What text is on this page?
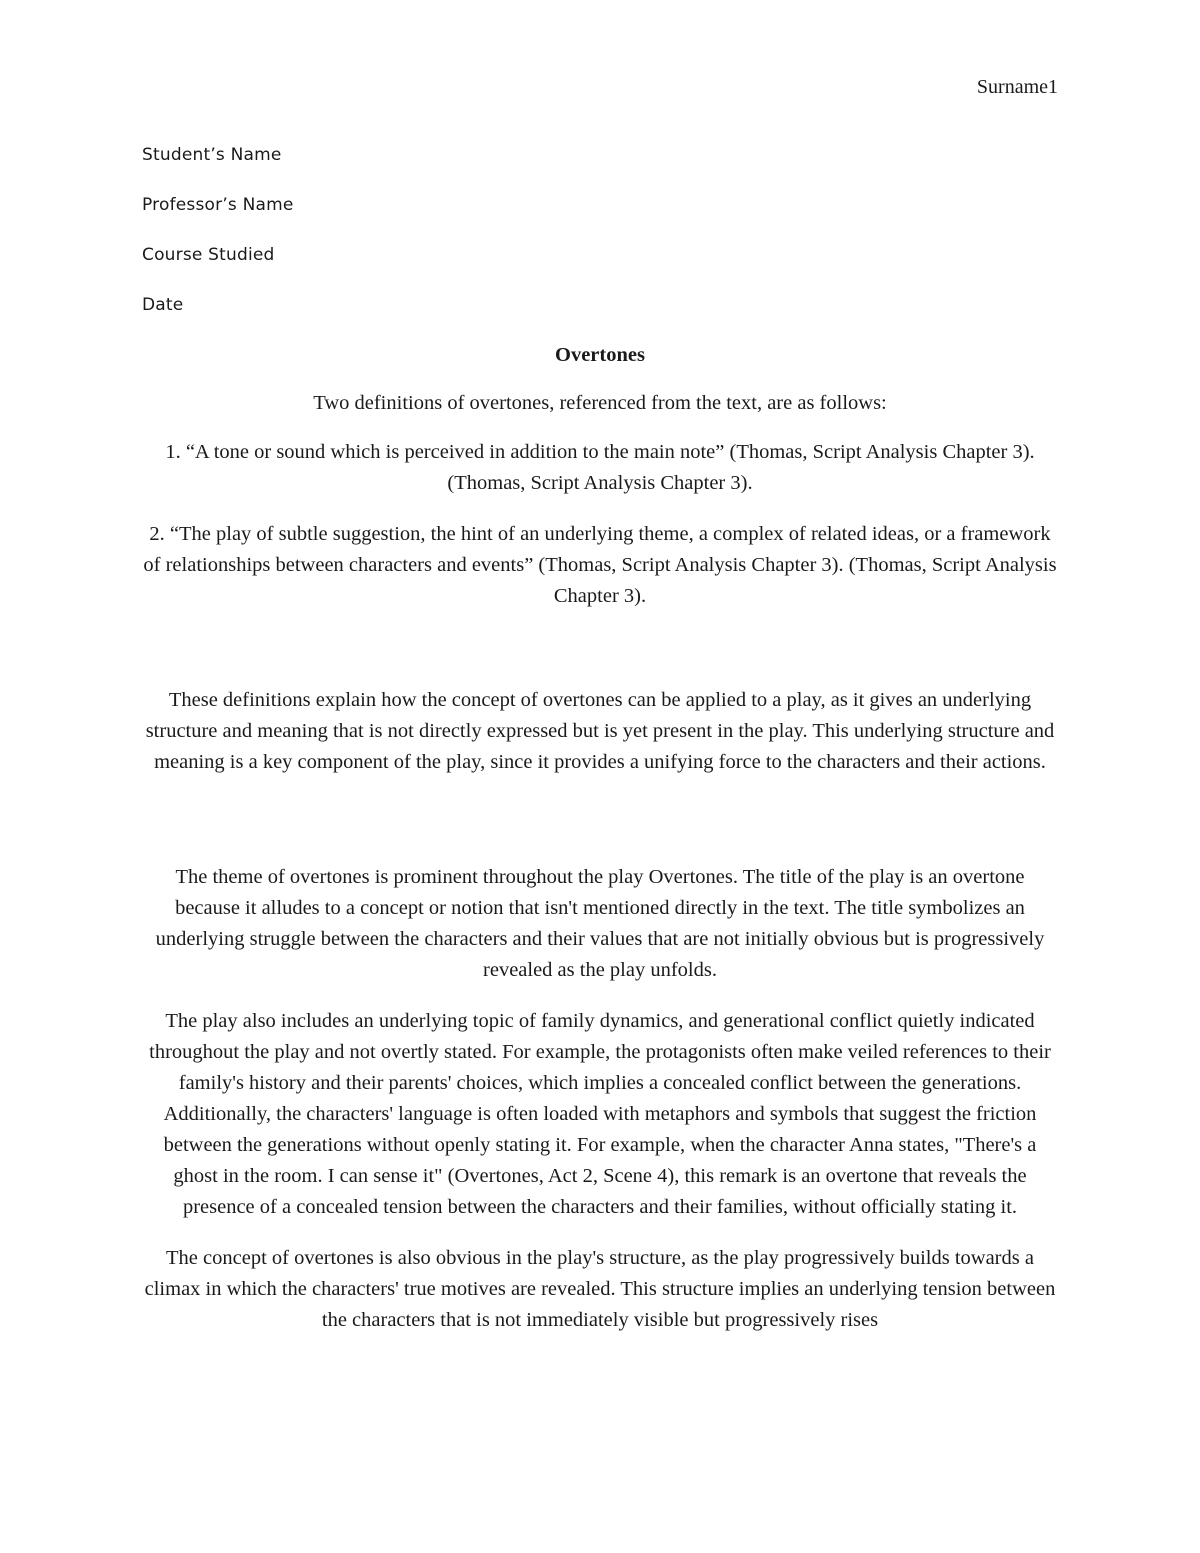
Surname1
Student’s Name
Professor’s Name
Course Studied
Date
Overtones

Two definitions of overtones, referenced from the text, are as follows:

1. “A tone or sound which is perceived in addition to the main note” (Thomas, Script Analysis Chapter 3). (Thomas, Script Analysis Chapter 3).

2. “The play of subtle suggestion, the hint of an underlying theme, a complex of related ideas, or a framework of relationships between characters and events” (Thomas, Script Analysis Chapter 3). (Thomas, Script Analysis Chapter 3).

These definitions explain how the concept of overtones can be applied to a play, as it gives an underlying structure and meaning that is not directly expressed but is yet present in the play. This underlying structure and meaning is a key component of the play, since it provides a unifying force to the characters and their actions.

The theme of overtones is prominent throughout the play Overtones. The title of the play is an overtone because it alludes to a concept or notion that isn't mentioned directly in the text. The title symbolizes an underlying struggle between the characters and their values that are not initially obvious but is progressively revealed as the play unfolds.

The play also includes an underlying topic of family dynamics, and generational conflict quietly indicated throughout the play and not overtly stated. For example, the protagonists often make veiled references to their family's history and their parents' choices, which implies a concealed conflict between the generations. Additionally, the characters' language is often loaded with metaphors and symbols that suggest the friction between the generations without openly stating it. For example, when the character Anna states, "There's a ghost in the room. I can sense it" (Overtones, Act 2, Scene 4), this remark is an overtone that reveals the presence of a concealed tension between the characters and their families, without officially stating it.

The concept of overtones is also obvious in the play's structure, as the play progressively builds towards a climax in which the characters' true motives are revealed. This structure implies an underlying tension between the characters that is not immediately visible but progressively rises
